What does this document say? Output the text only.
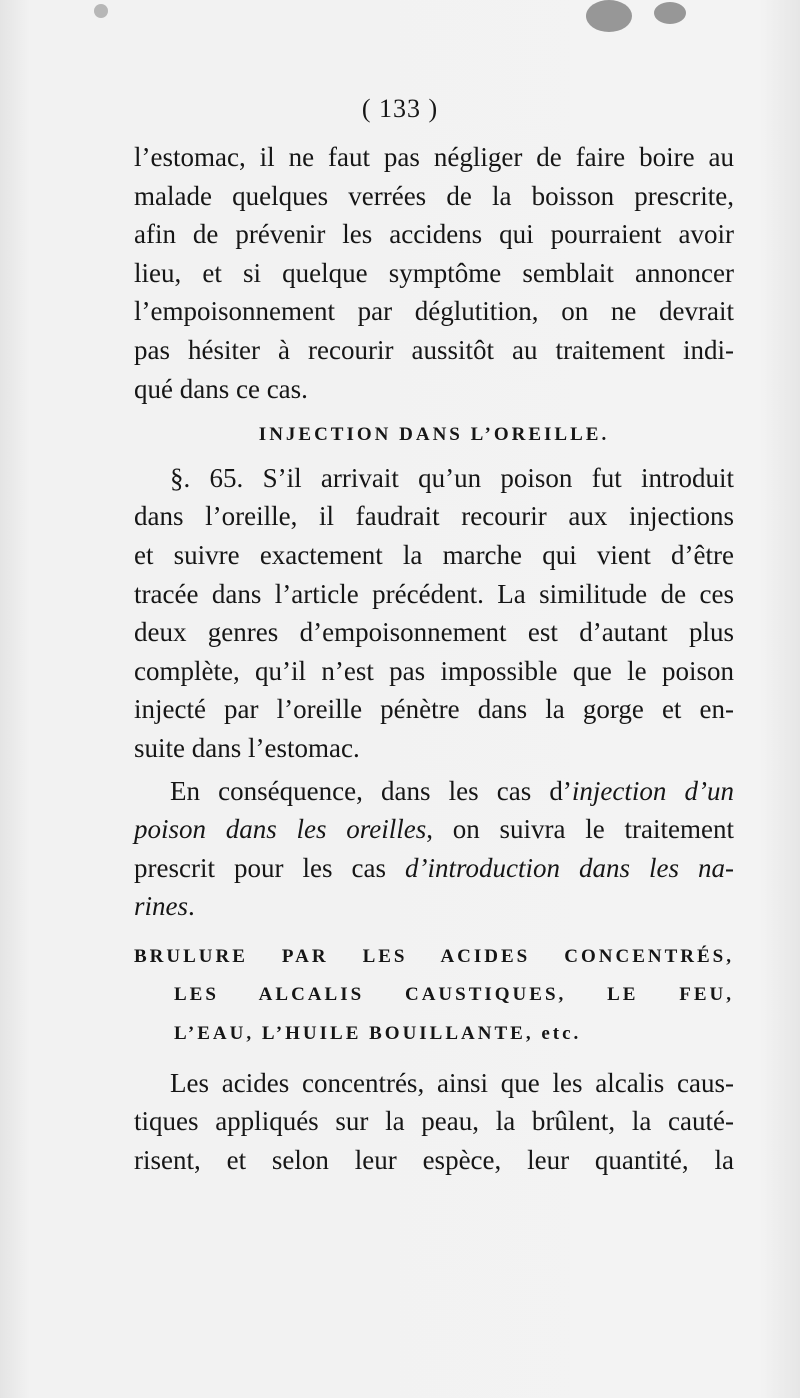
( 133 )
l’estomac, il ne faut pas négliger de faire boire au
malade quelques verrées de la boisson prescrite,
afin de prévenir les accidens qui pourraient avoir
lieu, et si quelque symptôme semblait annoncer
l’empoisonnement par déglutition, on ne devrait
pas hésiter à recourir aussitôt au traitement indi-
qué dans ce cas.
INJECTION DANS L’OREILLE.
§. 65. S’il arrivait qu’un poison fut introduit
dans l’oreille, il faudrait recourir aux injections
et suivre exactement la marche qui vient d’être
tracée dans l’article précédent. La similitude de ces
deux genres d’empoisonnement est d’autant plus
complète, qu’il n’est pas impossible que le poison
injecté par l’oreille pénètre dans la gorge et en-
suite dans l’estomac.
En conséquence, dans les cas d’injection d’un
poison dans les oreilles, on suivra le traitement
prescrit pour les cas d’introduction dans les na-
rines.
BRULURE PAR LES ACIDES CONCENTRÉS,
LES ALCALIS CAUSTIQUES, LE FEU,
L’EAU, L’HUILE BOUILLANTE, etc.
Les acides concentrés, ainsi que les alcalis caus-
tiques appliqués sur la peau, la brûlent, la cauté-
risent, et selon leur espèce, leur quantité, la
